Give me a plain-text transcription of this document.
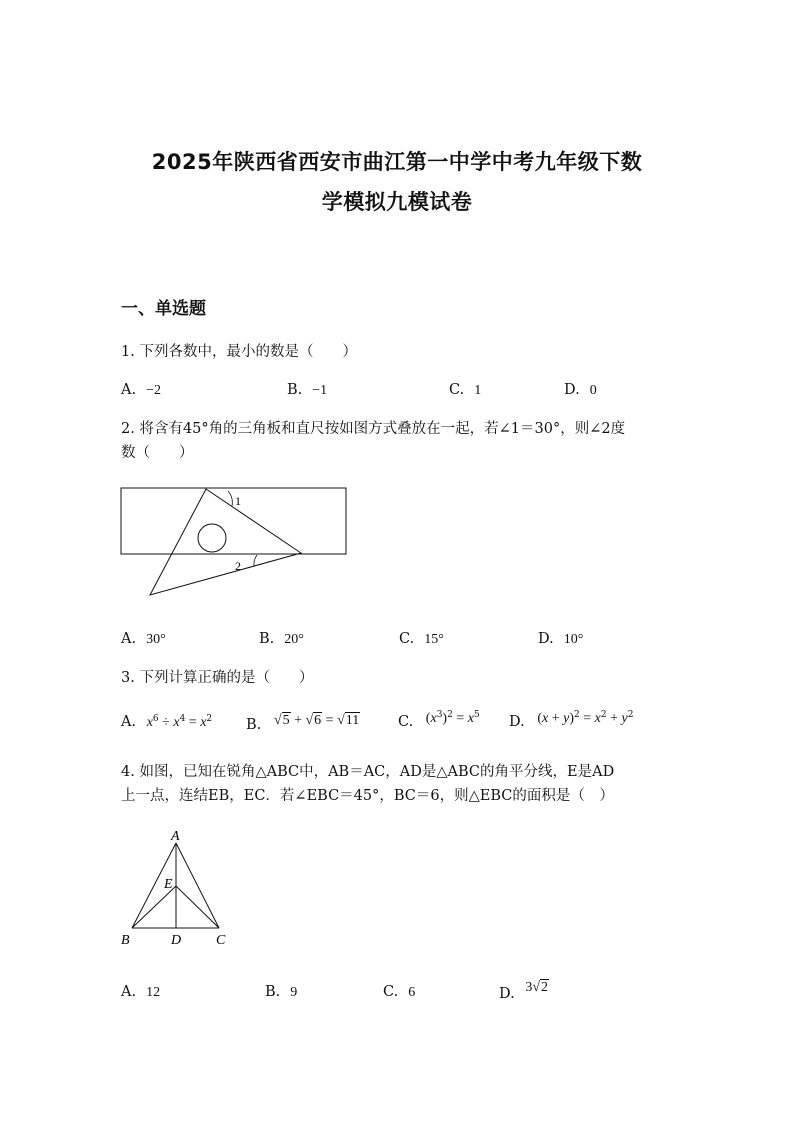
2025年陕西省西安市曲江第一中学中考九年级下数
学模拟九模试卷
一、单选题
1. 下列各数中，最小的数是（　　）
A. −2	B. −1	C. 1	D. 0
2. 将含有45°角的三角板和直尺按如图方式叠放在一起，若∠1＝30°，则∠2度
数（　　）
1
2
A. 30°	B. 20°	C. 15°	D. 10°
3. 下列计算正确的是（　　）
A. $x^6 \div x^4 = x^2$ B. √5 + √6 = √11	C. $^{(x^3)^2 = x^5}$ D. $^{(x + y)^2 = x^2 + y^2}$
4. 如图，已知在锐角△ABC中，AB＝AC，AD是△ABC的角平分线，E是AD
上一点，连结EB，EC．若∠EBC＝45°，BC＝6，则△EBC的面积是（　）
A
E
B	D C
A. 12	B. 9	C. 6	D. 3√2
